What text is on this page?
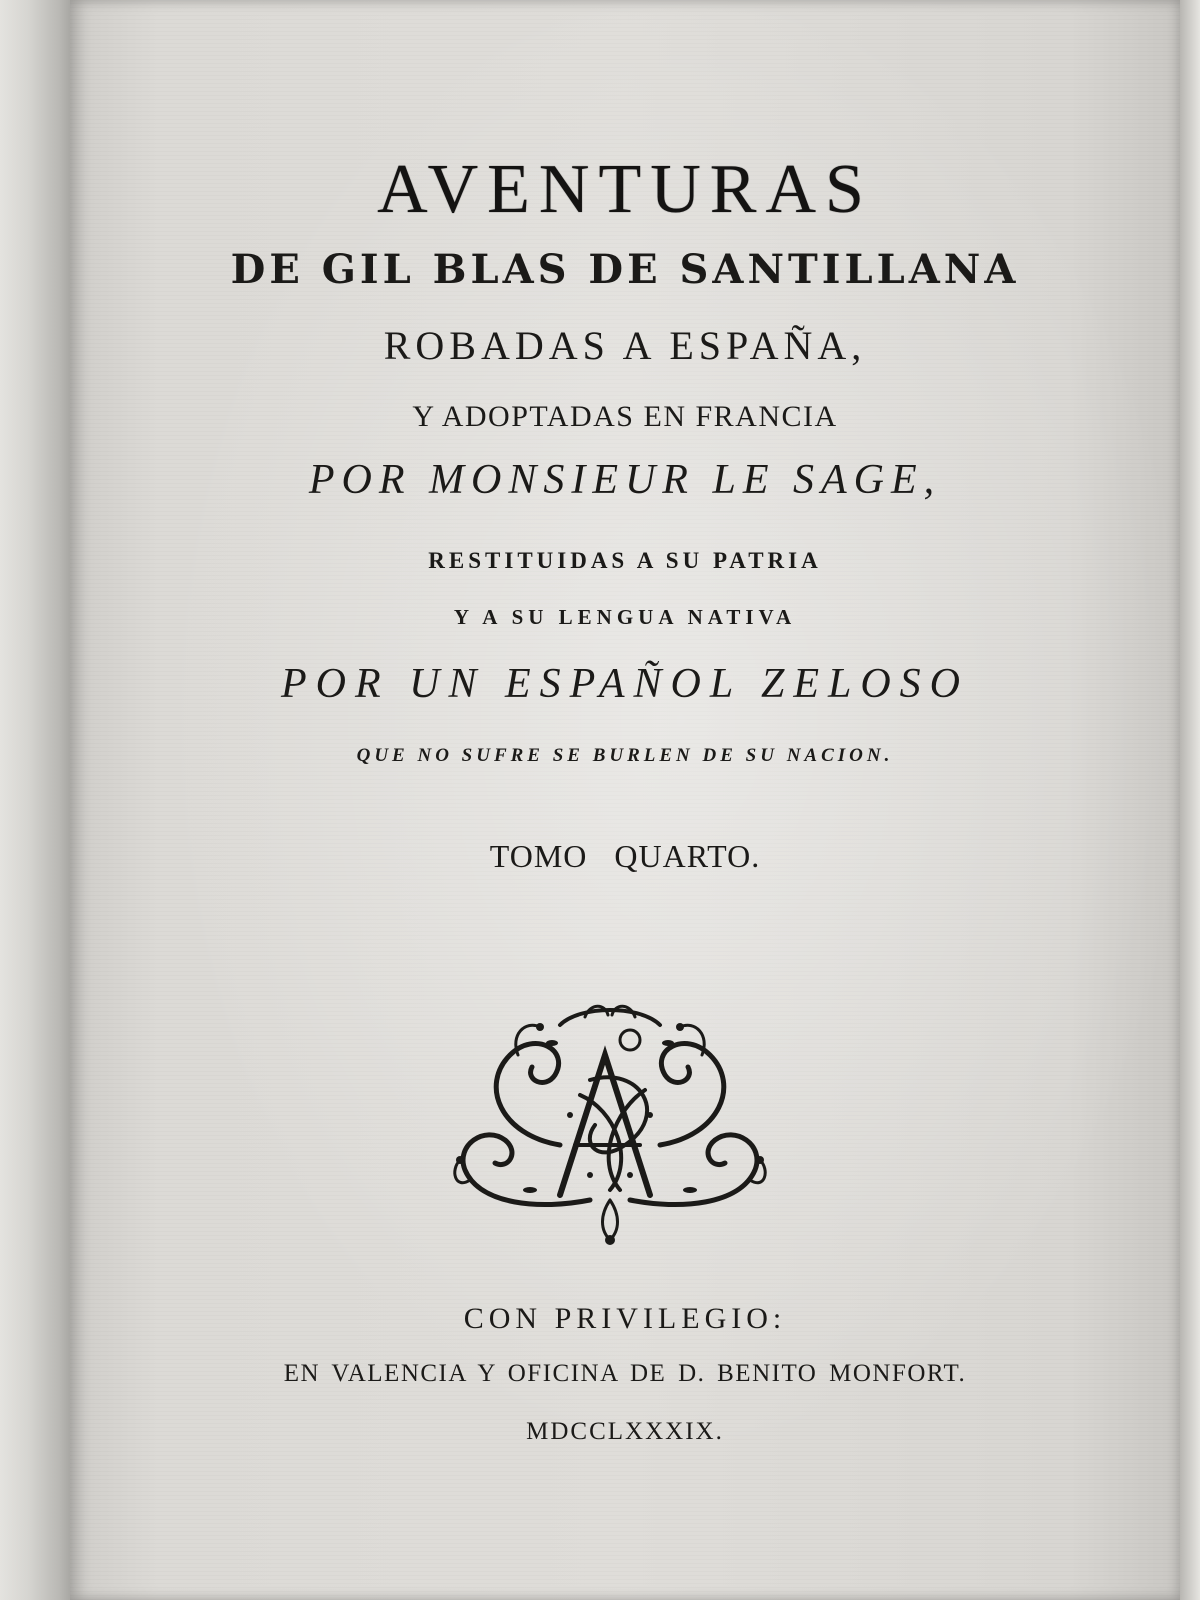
AVENTURAS

DE GIL BLAS DE SANTILLANA

ROBADAS A ESPAÑA,

Y ADOPTADAS EN FRANCIA

POR MONSIEUR LE SAGE,

RESTITUIDAS A SU PATRIA

Y A SU LENGUA NATIVA

POR UN ESPAÑOL ZELOSO

QUE NO SUFRE SE BURLEN DE SU NACION.

TOMO QUARTO.

CON PRIVILEGIO:

EN VALENCIA Y OFICINA DE D. BENITO MONFORT.

MDCCLXXXIX.
